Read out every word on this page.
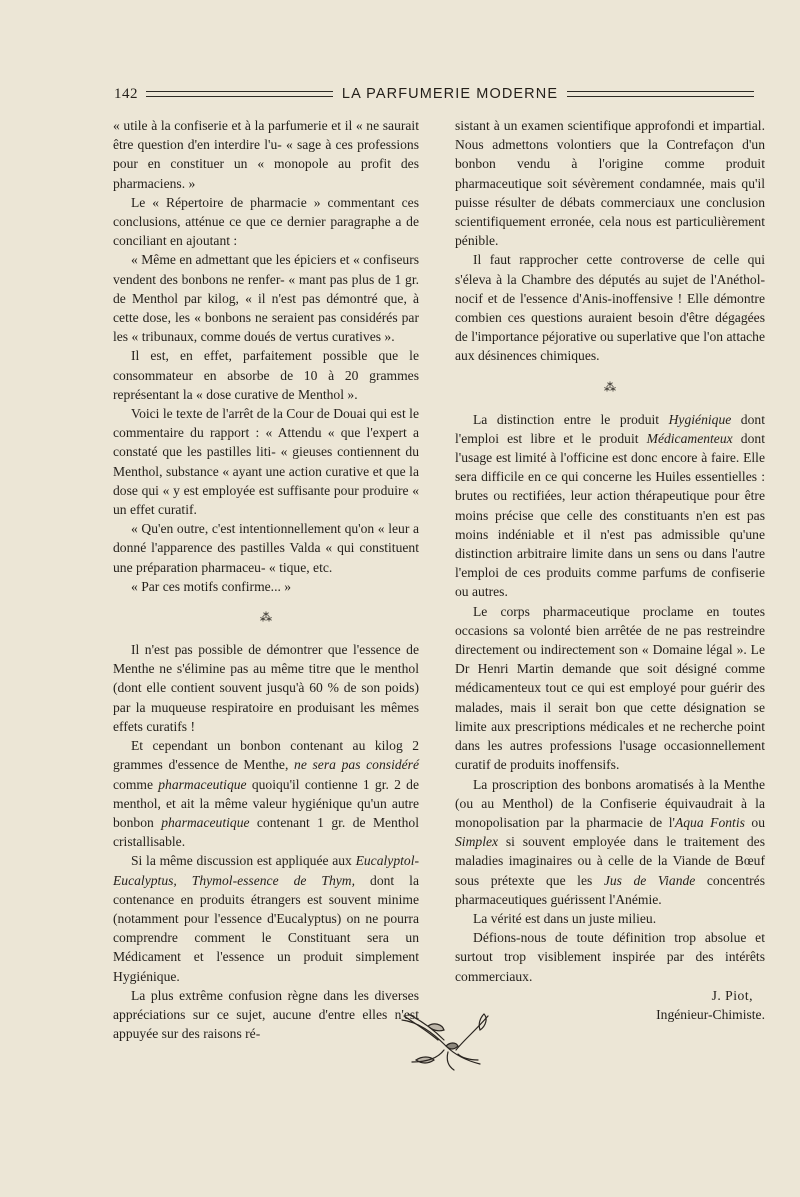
142	LA PARFUMERIE MODERNE

« utile à la confiserie et à la parfumerie et il « ne saurait être question d'en interdire l'u- « sage à ces professions pour en constituer un « monopole au profit des pharmaciens. »

Le « Répertoire de pharmacie » commentant ces conclusions, atténue ce que ce dernier paragraphe a de conciliant en ajoutant :

« Même en admettant que les épiciers et « confiseurs vendent des bonbons ne renfer- « mant pas plus de 1 gr. de Menthol par kilog, « il n'est pas démontré que, à cette dose, les « bonbons ne seraient pas considérés par les « tribunaux, comme doués de vertus curatives ».

Il est, en effet, parfaitement possible que le consommateur en absorbe de 10 à 20 grammes représentant la « dose curative de Menthol ».

Voici le texte de l'arrêt de la Cour de Douai qui est le commentaire du rapport : « Attendu « que l'expert a constaté que les pastilles liti- « gieuses contiennent du Menthol, substance « ayant une action curative et que la dose qui « y est employée est suffisante pour produire « un effet curatif.

« Qu'en outre, c'est intentionnellement qu'on « leur a donné l'apparence des pastilles Valda « qui constituent une préparation pharmaceu- « tique, etc.

« Par ces motifs confirme... »

⁂

Il n'est pas possible de démontrer que l'essence de Menthe ne s'élimine pas au même titre que le menthol (dont elle contient souvent jusqu'à 60 % de son poids) par la muqueuse respiratoire en produisant les mêmes effets curatifs !

Et cependant un bonbon contenant au kilog 2 grammes d'essence de Menthe, ne sera pas considéré comme pharmaceutique quoiqu'il contienne 1 gr. 2 de menthol, et ait la même valeur hygiénique qu'un autre bonbon pharmaceutique contenant 1 gr. de Menthol cristallisable.

Si la même discussion est appliquée aux Eucalyptol-Eucalyptus, Thymol-essence de Thym, dont la contenance en produits étrangers est souvent minime (notamment pour l'essence d'Eucalyptus) on ne pourra comprendre comment le Constituant sera un Médicament et l'essence un produit simplement Hygiénique.

La plus extrême confusion règne dans les diverses appréciations sur ce sujet, aucune d'entre elles n'est appuyée sur des raisons ré-

sistant à un examen scientifique approfondi et impartial. Nous admettons volontiers que la Contrefaçon d'un bonbon vendu à l'origine comme produit pharmaceutique soit sévèrement condamnée, mais qu'il puisse résulter de débats commerciaux une conclusion scientifiquement erronée, cela nous est particulièrement pénible.

Il faut rapprocher cette controverse de celle qui s'éleva à la Chambre des députés au sujet de l'Anéthol-nocif et de l'essence d'Anis-inoffensive ! Elle démontre combien ces questions auraient besoin d'être dégagées de l'importance péjorative ou superlative que l'on attache aux désinences chimiques.

⁂

La distinction entre le produit Hygiénique dont l'emploi est libre et le produit Médicamenteux dont l'usage est limité à l'officine est donc encore à faire. Elle sera difficile en ce qui concerne les Huiles essentielles : brutes ou rectifiées, leur action thérapeutique pour être moins précise que celle des constituants n'en est pas moins indéniable et il n'est pas admissible qu'une distinction arbitraire limite dans un sens ou dans l'autre l'emploi de ces produits comme parfums de confiserie ou autres.

Le corps pharmaceutique proclame en toutes occasions sa volonté bien arrêtée de ne pas restreindre directement ou indirectement son « Domaine légal ». Le Dr Henri Martin demande que soit désigné comme médicamenteux tout ce qui est employé pour guérir des malades, mais il serait bon que cette désignation se limite aux prescriptions médicales et ne recherche point dans les autres professions l'usage occasionnellement curatif de produits inoffensifs.

La proscription des bonbons aromatisés à la Menthe (ou au Menthol) de la Confiserie équivaudrait à la monopolisation par la pharmacie de l'Aqua Fontis ou Simplex si souvent employée dans le traitement des maladies imaginaires ou à celle de la Viande de Bœuf sous prétexte que les Jus de Viande concentrés pharmaceutiques guérissent l'Anémie.

La vérité est dans un juste milieu.

Défions-nous de toute définition trop absolue et surtout trop visiblement inspirée par des intérêts commerciaux.

J. Piot,

Ingénieur-Chimiste.
